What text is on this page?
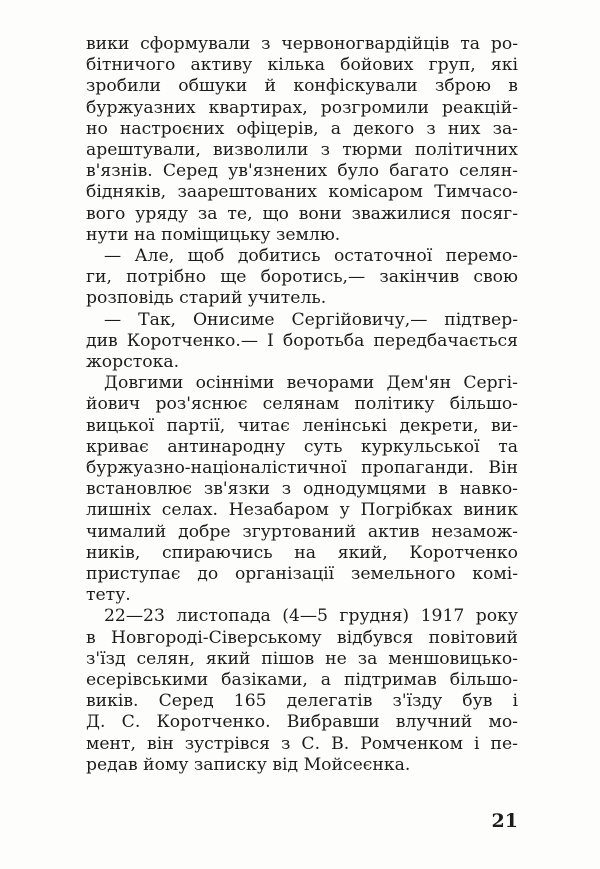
вики сформували з червоногвардійців та ро-
бітничого активу кілька бойових груп, які
зробили обшуки й конфіскували зброю в
буржуазних квартирах, розгромили реакцій-
но настроєних офіцерів, а декого з них за-
арештували, визволили з тюрми політичних
в'язнів. Серед ув'язнених було багато селян-
бідняків, заарештованих комісаром Тимчасо-
вого уряду за те, що вони зважилися посяг-
нути на поміщицьку землю.
— Але, щоб добитись остаточної перемо-
ги, потрібно ще боротись,— закінчив свою
розповідь старий учитель.
— Так, Онисиме Сергійовичу,— підтвер-
див Коротченко.— І боротьба передбачається
жорстока.
Довгими осінніми вечорами Дем'ян Сергі-
йович роз'яснює селянам політику більшо-
вицької партії, читає ленінські декрети, ви-
криває антинародну суть куркульської та
буржуазно-націоналістичної пропаганди. Він
встановлює зв'язки з однодумцями в навко-
лишніх селах. Незабаром у Погрібках виник
чималий добре згуртований актив незамож-
ників, спираючись на який, Коротченко
приступає до організації земельного комі-
тету.
22—23 листопада (4—5 грудня) 1917 року
в Новгороді-Сіверському відбувся повітовий
з'їзд селян, який пішов не за меншовицько-
есерівськими базіками, а підтримав більшо-
виків. Серед 165 делегатів з'їзду був і
Д. С. Коротченко. Вибравши влучний мо-
мент, він зустрівся з С. В. Ромченком і пе-
редав йому записку від Мойсеєнка.
21
